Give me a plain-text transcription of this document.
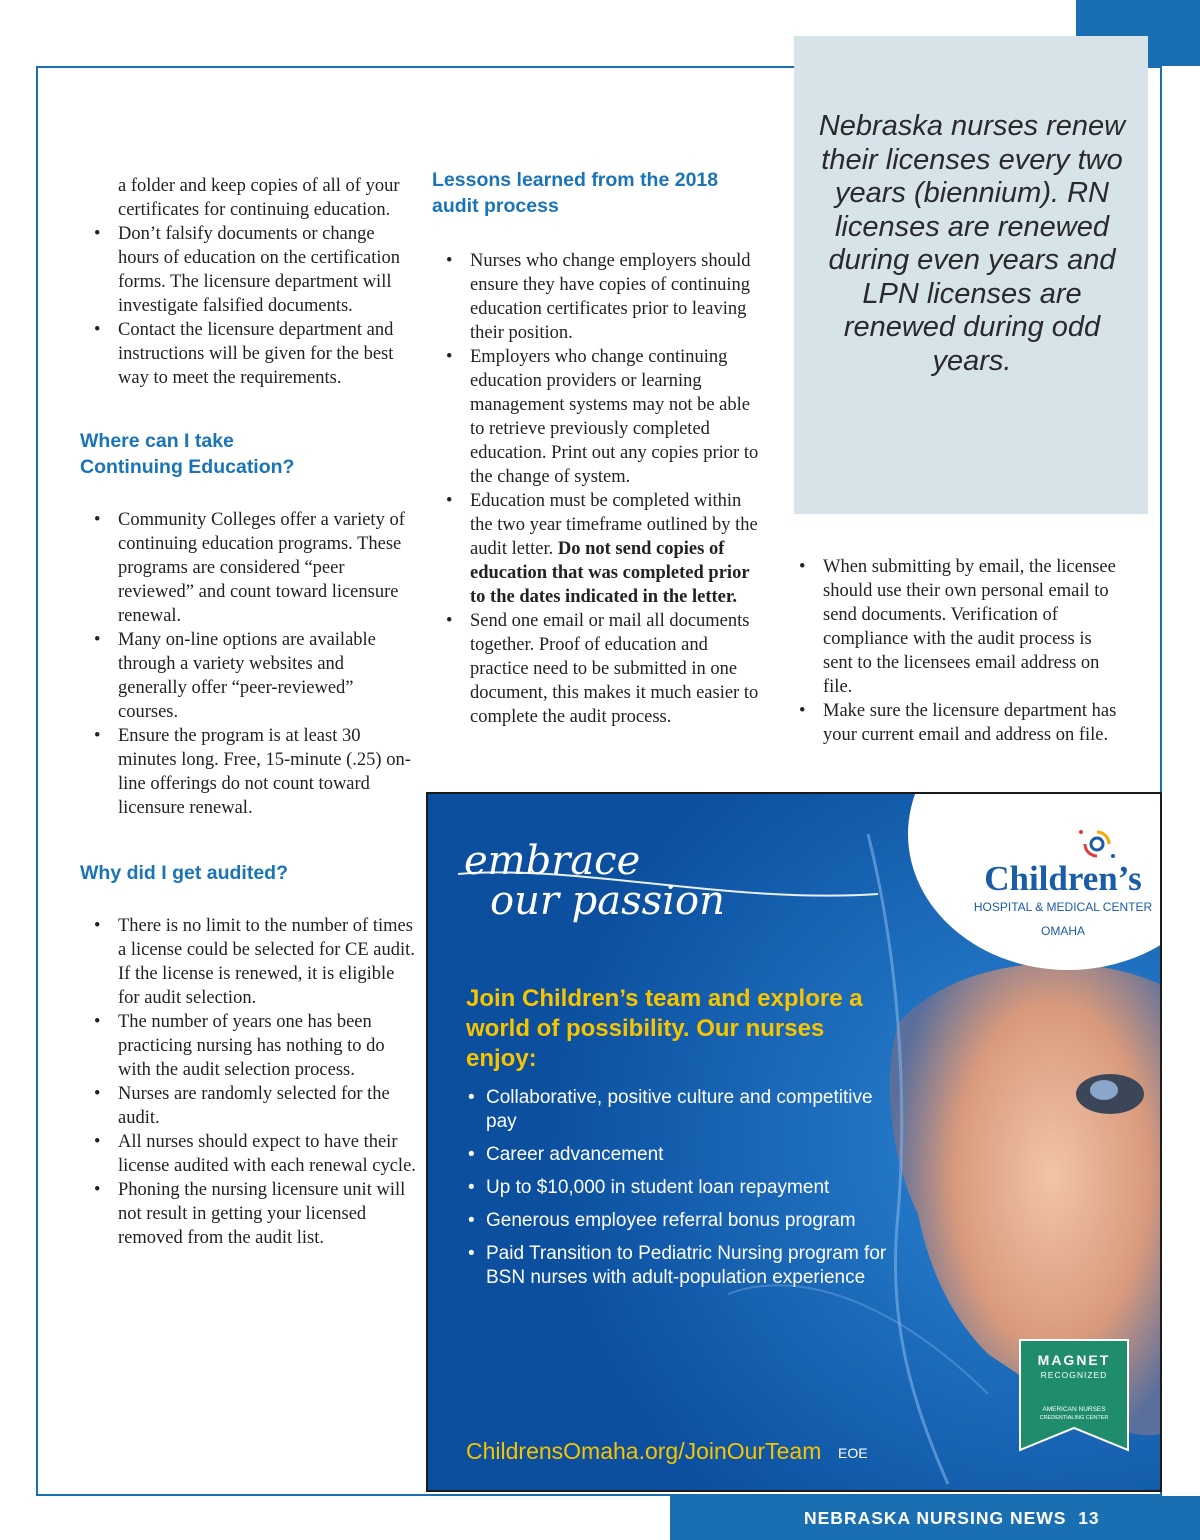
Nebraska nurses renew their licenses every two years (biennium). RN licenses are renewed during even years and LPN licenses are renewed during odd years.

a folder and keep copies of all of your certificates for continuing education.

• Don’t falsify documents or change hours of education on the certification forms. The licensure department will investigate falsified documents.
• Contact the licensure department and instructions will be given for the best way to meet the requirements.
Where can I take Continuing Education?
• Community Colleges offer a variety of continuing education programs. These programs are considered “peer reviewed” and count toward licensure renewal.
• Many on-line options are available through a variety websites and generally offer “peer-reviewed” courses.
• Ensure the program is at least 30 minutes long. Free, 15-minute (.25) on-line offerings do not count toward licensure renewal.
Why did I get audited?
• There is no limit to the number of times a license could be selected for CE audit. If the license is renewed, it is eligible for audit selection.
• The number of years one has been practicing nursing has nothing to do with the audit selection process.
• Nurses are randomly selected for the audit.
• All nurses should expect to have their license audited with each renewal cycle.
• Phoning the nursing licensure unit will not result in getting your licensed removed from the audit list.
Lessons learned from the 2018 audit process
• Nurses who change employers should ensure they have copies of continuing education certificates prior to leaving their position.
• Employers who change continuing education providers or learning management systems may not be able to retrieve previously completed education. Print out any copies prior to the change of system.
• Education must be completed within the two year timeframe outlined by the audit letter. Do not send copies of education that was completed prior to the dates indicated in the letter.
• Send one email or mail all documents together. Proof of education and practice need to be submitted in one document, this makes it much easier to complete the audit process.
• When submitting by email, the licensee should use their own personal email to send documents. Verification of compliance with the audit process is sent to the licensees email address on file.
• Make sure the licensure department has your current email and address on file.
embrace
our passion	Children’s
HOSPITAL & MEDICAL CENTER
OMAHA
Join Children’s team and explore a world of possibility. Our nurses enjoy:
• Collaborative, positive culture and competitive pay
• Career advancement
• Up to $10,000 in student loan repayment
• Generous employee referral bonus program
• Paid Transition to Pediatric Nursing program for BSN nurses with adult-population experience
MAGNET
RECOGNIZED
AMERICAN NURSES
CREDENTIALING CENTER
ChildrensOmaha.org/JoinOurTeam EOE
NEBRASKA NURSING NEWS 13
